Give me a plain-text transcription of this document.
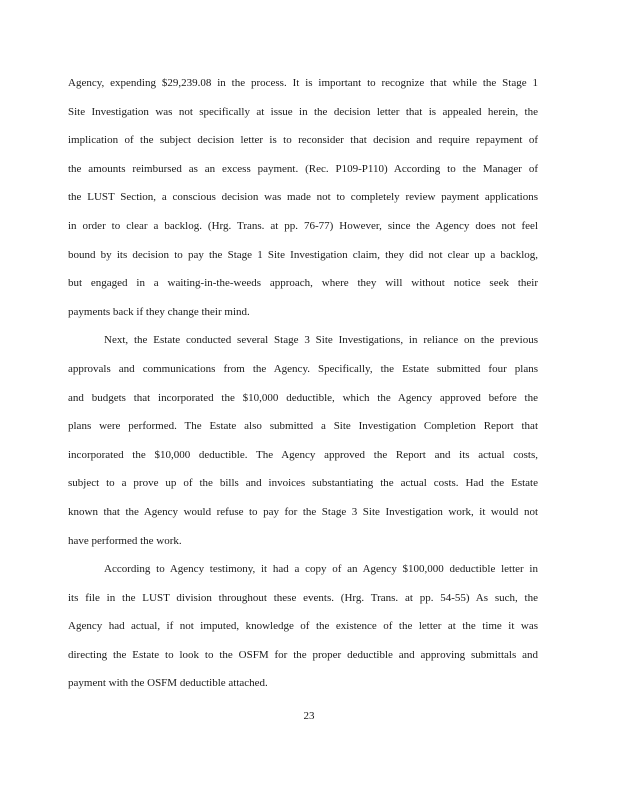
Agency, expending $29,239.08 in the process. It is important to recognize that while the Stage 1
Site Investigation was not specifically at issue in the decision letter that is appealed herein, the
implication of the subject decision letter is to reconsider that decision and require repayment of
the amounts reimbursed as an excess payment. (Rec. P109-P110) According to the Manager of
the LUST Section, a conscious decision was made not to completely review payment applications
in order to clear a backlog. (Hrg. Trans. at pp. 76-77) However, since the Agency does not feel
bound by its decision to pay the Stage 1 Site Investigation claim, they did not clear up a backlog,
but engaged in a waiting-in-the-weeds approach, where they will without notice seek their
payments back if they change their mind.
Next, the Estate conducted several Stage 3 Site Investigations, in reliance on the previous
approvals and communications from the Agency. Specifically, the Estate submitted four plans
and budgets that incorporated the $10,000 deductible, which the Agency approved before the
plans were performed. The Estate also submitted a Site Investigation Completion Report that
incorporated the $10,000 deductible. The Agency approved the Report and its actual costs,
subject to a prove up of the bills and invoices substantiating the actual costs. Had the Estate
known that the Agency would refuse to pay for the Stage 3 Site Investigation work, it would not
have performed the work.
According to Agency testimony, it had a copy of an Agency $100,000 deductible letter in
its file in the LUST division throughout these events. (Hrg. Trans. at pp. 54-55) As such, the
Agency had actual, if not imputed, knowledge of the existence of the letter at the time it was
directing the Estate to look to the OSFM for the proper deductible and approving submittals and
payment with the OSFM deductible attached.
23
